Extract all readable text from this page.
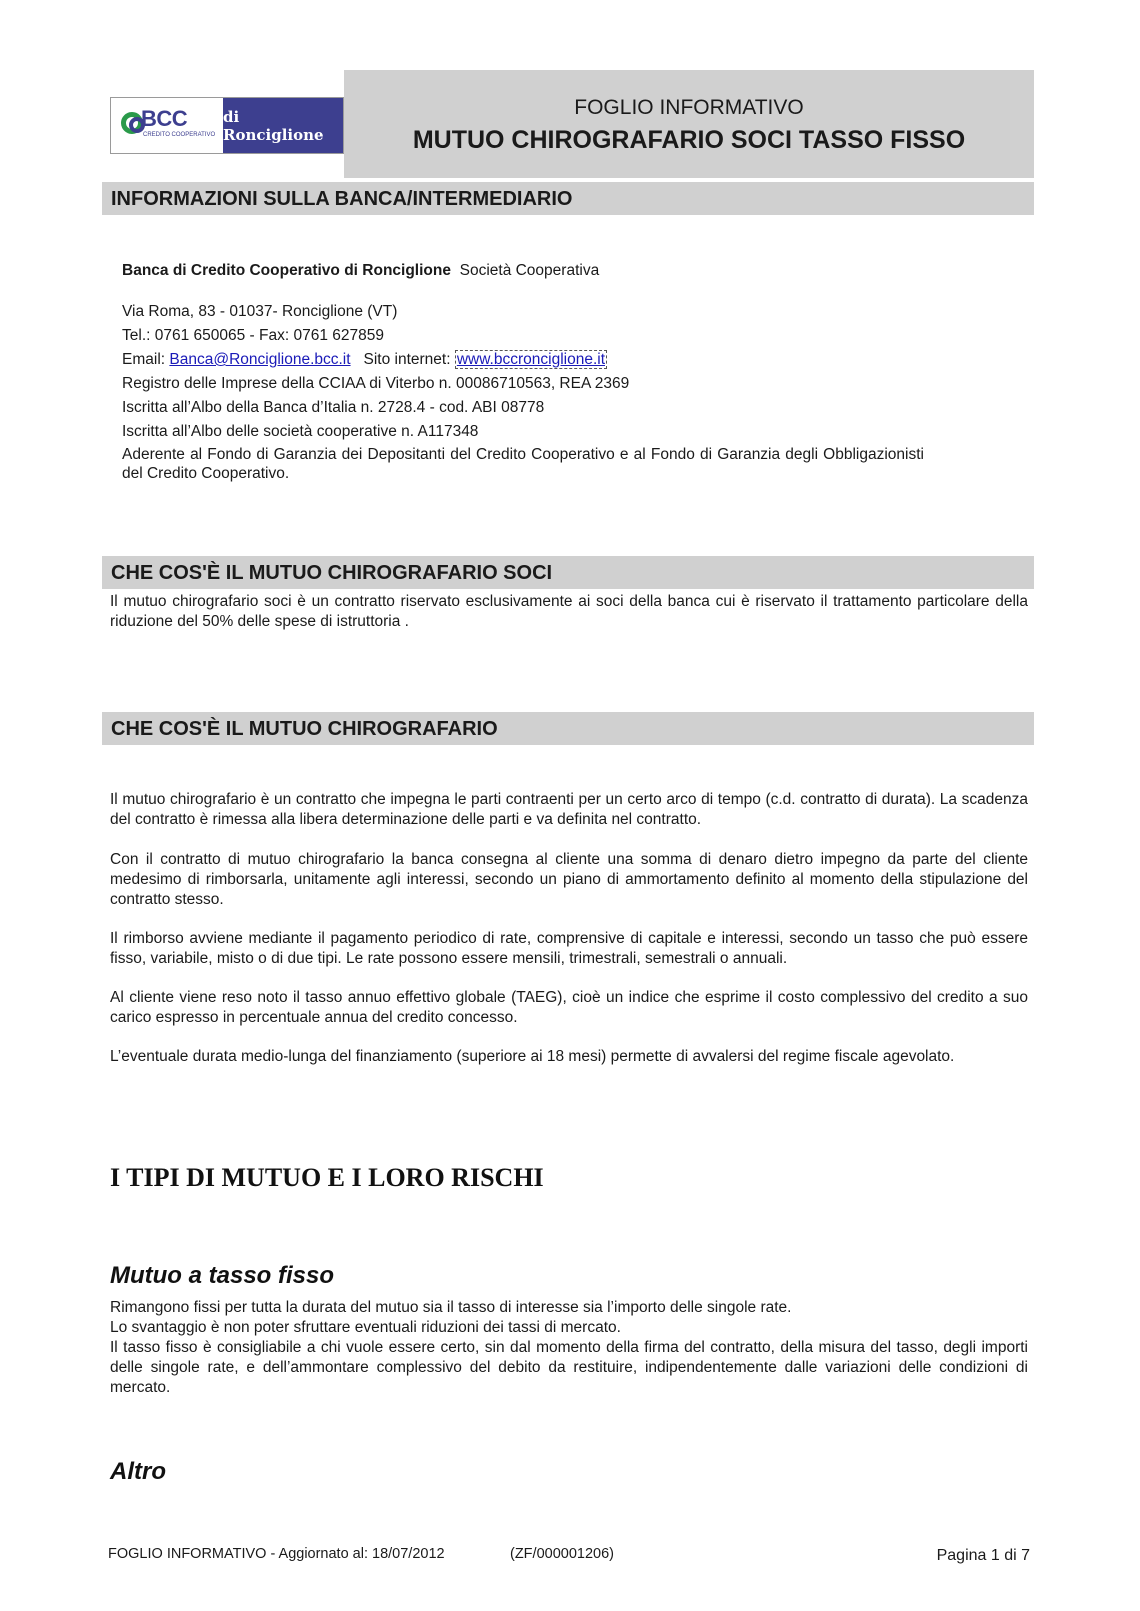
BCC
CREDITO COOPERATIVO
di Ronciglione
FOGLIO INFORMATIVO
MUTUO CHIROGRAFARIO SOCI TASSO FISSO
INFORMAZIONI SULLA BANCA/INTERMEDIARIO
Banca di Credito Cooperativo di Ronciglione Società Cooperativa
Via Roma, 83 - 01037- Ronciglione (VT)
Tel.: 0761 650065 - Fax: 0761 627859
Email: Banca@Ronciglione.bcc.it Sito internet: www.bccronciglione.it
Registro delle Imprese della CCIAA di Viterbo n. 00086710563, REA 2369
Iscritta all’Albo della Banca d’Italia n. 2728.4 - cod. ABI 08778
Iscritta all’Albo delle società cooperative n. A117348
Aderente al Fondo di Garanzia dei Depositanti del Credito Cooperativo e al Fondo di Garanzia degli Obbligazionisti del Credito Cooperativo.
CHE COS'È IL MUTUO CHIROGRAFARIO SOCI
Il mutuo chirografario soci è un contratto riservato esclusivamente ai soci della banca cui è riservato il trattamento particolare della riduzione del 50% delle spese di istruttoria .
CHE COS'È IL MUTUO CHIROGRAFARIO
Il mutuo chirografario è un contratto che impegna le parti contraenti per un certo arco di tempo (c.d. contratto di durata). La scadenza del contratto è rimessa alla libera determinazione delle parti e va definita nel contratto.
Con il contratto di mutuo chirografario la banca consegna al cliente una somma di denaro dietro impegno da parte del cliente medesimo di rimborsarla, unitamente agli interessi, secondo un piano di ammortamento definito al momento della stipulazione del contratto stesso.
Il rimborso avviene mediante il pagamento periodico di rate, comprensive di capitale e interessi, secondo un tasso che può essere fisso, variabile, misto o di due tipi. Le rate possono essere mensili, trimestrali, semestrali o annuali.
Al cliente viene reso noto il tasso annuo effettivo globale (TAEG), cioè un indice che esprime il costo complessivo del credito a suo carico espresso in percentuale annua del credito concesso.
L’eventuale durata medio-lunga del finanziamento (superiore ai 18 mesi) permette di avvalersi del regime fiscale agevolato.
I TIPI DI MUTUO E I LORO RISCHI
Mutuo a tasso fisso
Rimangono fissi per tutta la durata del mutuo sia il tasso di interesse sia l’importo delle singole rate.
Lo svantaggio è non poter sfruttare eventuali riduzioni dei tassi di mercato.
Il tasso fisso è consigliabile a chi vuole essere certo, sin dal momento della firma del contratto, della misura del tasso, degli importi delle singole rate, e dell’ammontare complessivo del debito da restituire, indipendentemente dalle variazioni delle condizioni di mercato.
Altro
FOGLIO INFORMATIVO - Aggiornato al: 18/07/2012	(ZF/000001206)	Pagina 1 di 7
